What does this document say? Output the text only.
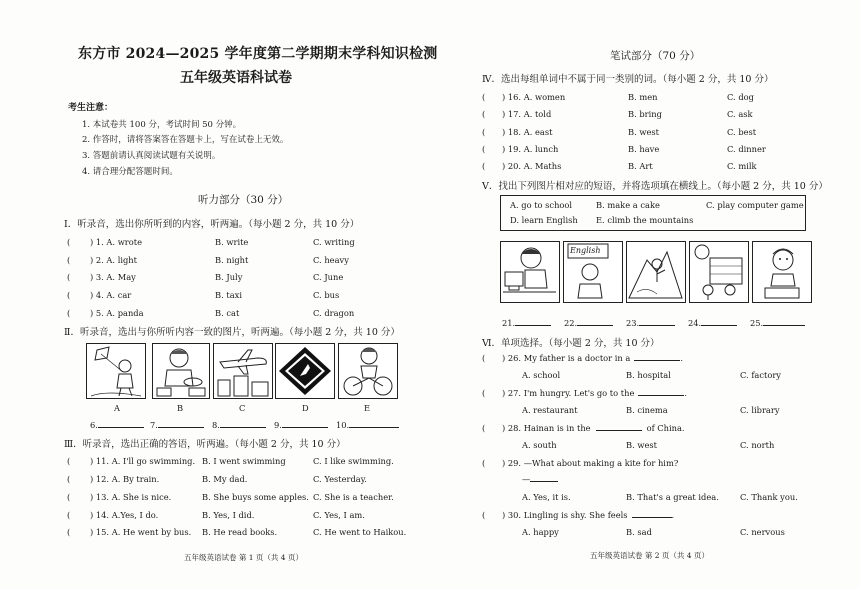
东方市 2024—2025 学年度第二学期期末学科知识检测
五年级英语科试卷
考生注意：
1. 本试卷共 100 分，考试时间 50 分钟。
2. 作答时，请将答案答在答题卡上，写在试卷上无效。
3. 答题前请认真阅读试题有关说明。
4. 请合理分配答题时间。
听力部分（30 分）
Ⅰ．听录音，选出你所听到的内容，听两遍。（每小题 2 分，共 10 分）
( ) 1. A. wrote	B. write	C. writing
( ) 2. A. light	B. night	C. heavy
( ) 3. A. May	B. July	C. June
( ) 4. A. car	B. taxi	C. bus
( ) 5. A. panda	B. cat	C. dragon
Ⅱ．听录音，选出与你所听内容一致的图片，听两遍。（每小题 2 分，共 10 分）
A	B	C	D	E
6.	7.	8.	9.	10.
Ⅲ．听录音，选出正确的答语，听两遍。（每小题 2 分，共 10 分）
( ) 11. A. I'll go swimming. B. I went swimming	C. I like swimming.
( ) 12. A. By train.	B. My dad.	C. Yesterday.
( ) 13. A. She is nice.	B. She buys some apples. C. She is a teacher.
( ) 14. A.Yes, I do.	B. Yes, I did.	C. Yes, I am.
( ) 15. A. He went by bus. B. He read books.	C. He went to Haikou.
五年级英语试卷 第 1 页（共 4 页）
笔试部分（70 分）
Ⅳ．选出每组单词中不属于同一类别的词。（每小题 2 分，共 10 分）
( ) 16. A. women	B. men	C. dog
( ) 17. A. told	B. bring	C. ask
( ) 18. A. east	B. west	C. best
( ) 19. A. lunch	B. have	C. dinner
( ) 20. A. Maths	B. Art	C. milk
Ⅴ．找出下列图片相对应的短语，并将选项填在横线上。（每小题 2 分，共 10 分）
A. go to school	B. make a cake	C. play computer game
D. learn English E. climb the mountains
English
21.	22.	23.	24.	25.
Ⅵ．单项选择。（每小题 2 分，共 10 分）
( ) 26. My father is a doctor in a	.
A. school	B. hospital	C. factory
( ) 27. I'm hungry. Let's go to the	.
A. restaurant	B. cinema	C. library
( ) 28. Hainan is in the	of China.
A. south	B. west	C. north
( ) 29. —What about making a kite for him?
—
A. Yes, it is.	B. That's a great idea.	C. Thank you.
( ) 30. Lingling is shy. She feels	.
A. happy	B. sad	C. nervous
五年级英语试卷 第 2 页（共 4 页）
